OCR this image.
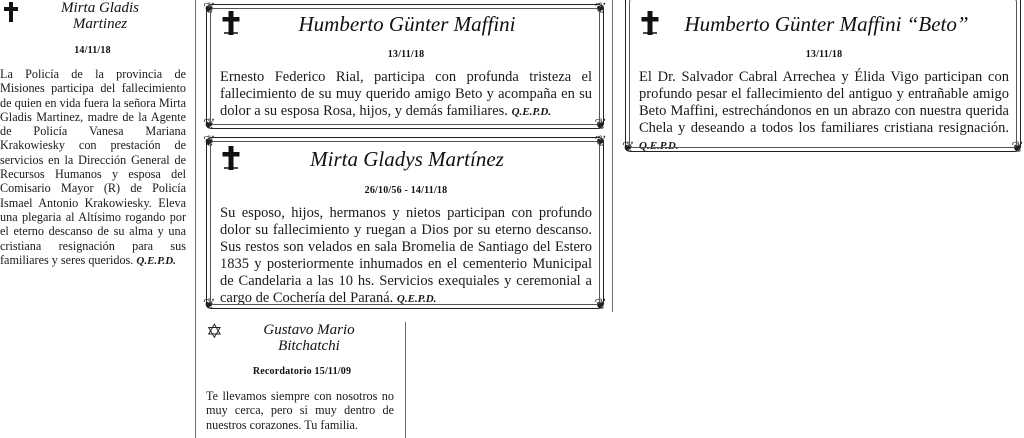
Mirta Gladis
Martinez
14/11/18
La Policía de la provincia de Misiones participa del fallecimiento de quien en vida fuera la señora Mirta Gladis Martinez, madre de la Agente de Policía Vanesa Mariana Krakowiesky con prestación de servicios en la Dirección General de Recursos Humanos y esposa del Comisario Mayor (R) de Policía Ismael Antonio Krakowiesky. Eleva una plegaria al Altísimo rogando por el eterno descanso de su alma y una cristiana resignación para sus familiares y seres queridos. Q.E.P.D.
❦	❦
❦	❦
Humberto Günter Maffini
13/11/18
Ernesto Federico Rial, participa con profunda tristeza el fallecimiento de su muy querido amigo Beto y acompaña en su dolor a su esposa Rosa, hijos, y demás familiares. Q.E.P.D.
❦	❦
❦	❦
Mirta Gladys Martínez
26/10/56 - 14/11/18
Su esposo, hijos, hermanos y nietos participan con profundo dolor su fallecimiento y ruegan a Dios por su eterno descanso. Sus restos son velados en sala Bromelia de Santiago del Estero 1835 y posteriormente inhumados en el cementerio Municipal de Candelaria a las 10 hs. Servicios exequiales y ceremonial a cargo de Cochería del Paraná. Q.E.P.D.
✡	Gustavo Mario
Bitchatchi
Recordatorio 15/11/09
Te llevamos siempre con nosotros no muy cerca, pero si muy dentro de nuestros corazones. Tu familia.
❦	❦
Humberto Günter Maffini “Beto”
13/11/18
El Dr. Salvador Cabral Arrechea y Élida Vigo participan con profundo pesar el fallecimiento del antiguo y entrañable amigo Beto Maffini, estrechándonos en un abrazo con nuestra querida Chela y deseando a todos los familiares cristiana resignación. Q.E.P.D.
